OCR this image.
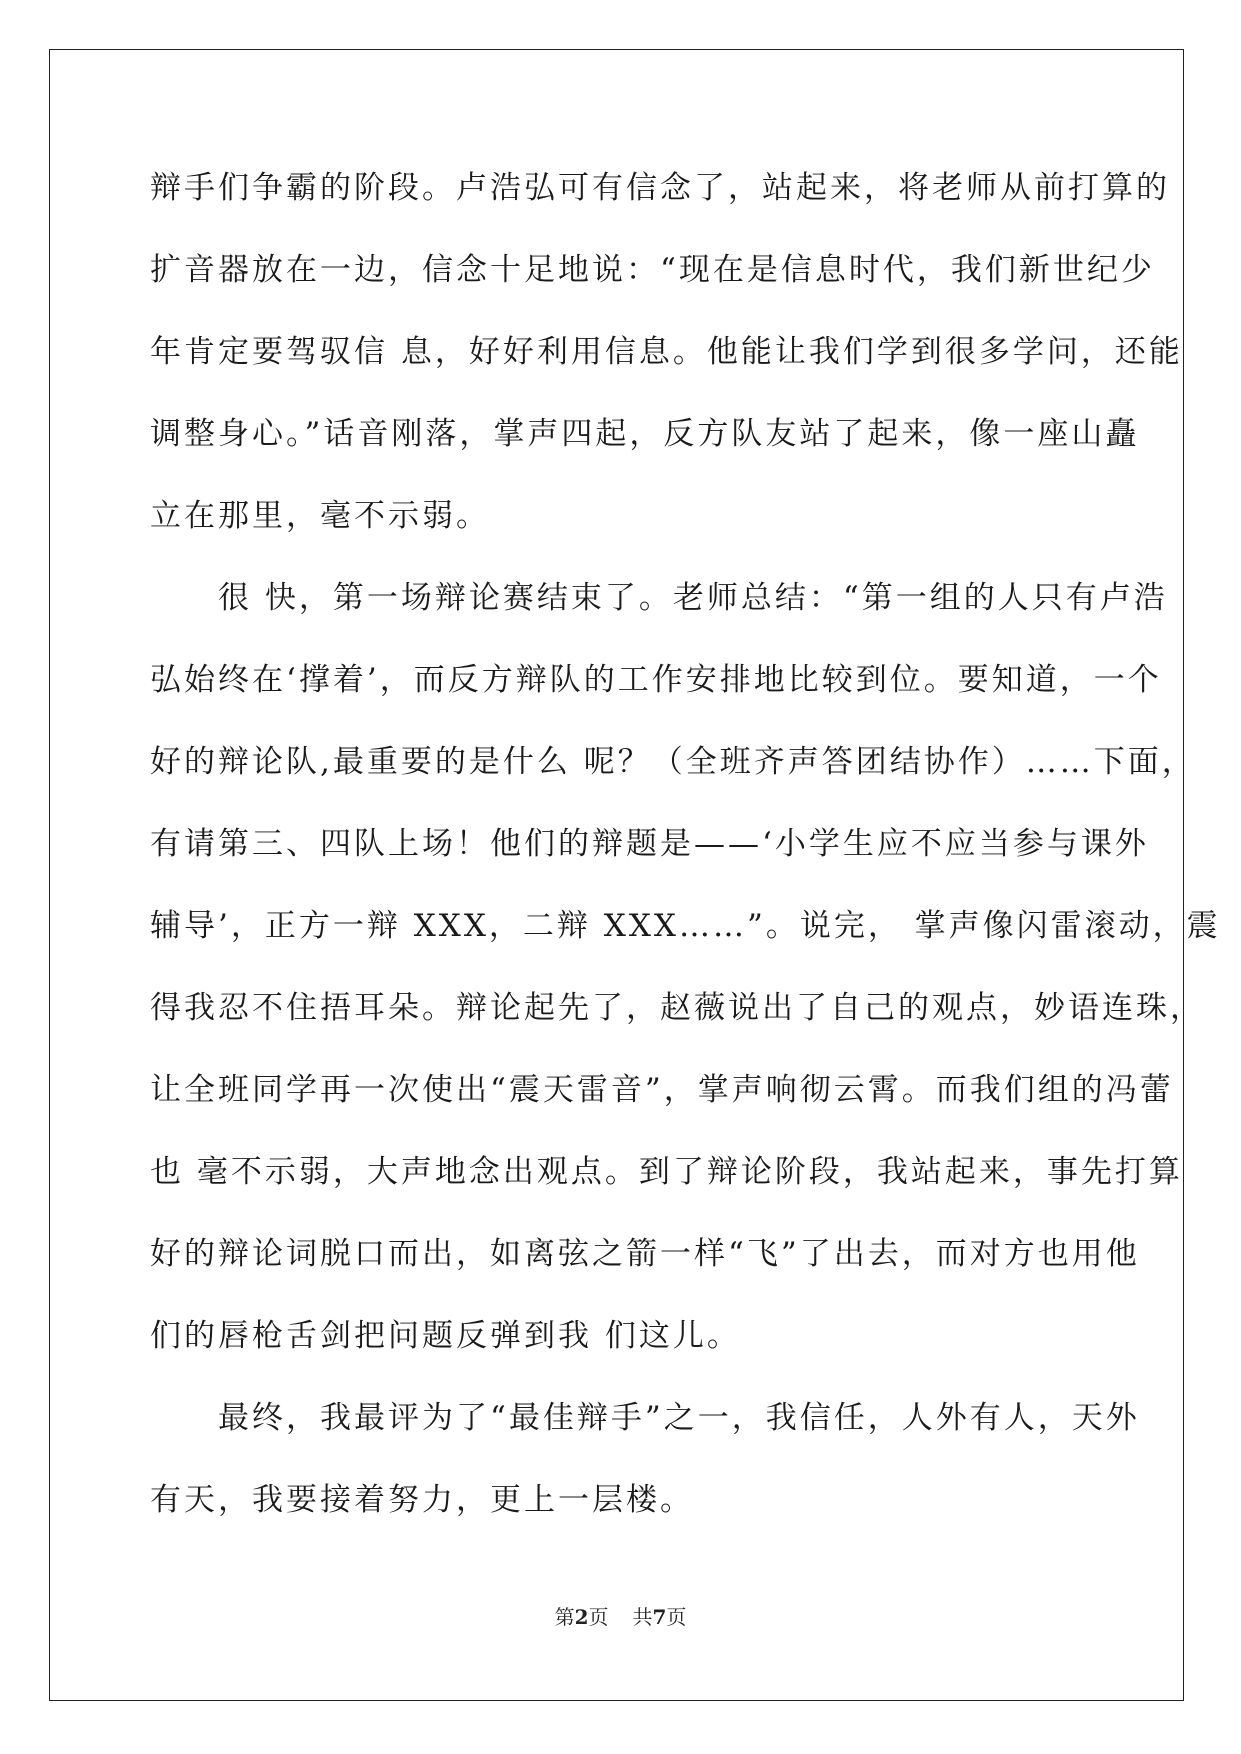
辩手们争霸的阶段。卢浩弘可有信念了，站起来，将老师从前打算的
扩音器放在一边，信念十足地说：“现在是信息时代，我们新世纪少
年肯定要驾驭信 息，好好利用信息。他能让我们学到很多学问，还能
调整身心。”话音刚落，掌声四起，反方队友站了起来，像一座山矗
立在那里，毫不示弱。
　　很 快，第一场辩论赛结束了。老师总结：“第一组的人只有卢浩
弘始终在‘撑着’，而反方辩队的工作安排地比较到位。要知道，一个
好的辩论队,最重要的是什么 呢？（全班齐声答团结协作）……下面，
有请第三、四队上场！他们的辩题是——‘小学生应不应当参与课外
辅导’，正方一辩 XXX，二辩 XXX……”。说完， 掌声像闪雷滚动，震
得我忍不住捂耳朵。辩论起先了，赵薇说出了自己的观点，妙语连珠，
让全班同学再一次使出“震天雷音”，掌声响彻云霄。而我们组的冯蕾
也 毫不示弱，大声地念出观点。到了辩论阶段，我站起来，事先打算
好的辩论词脱口而出，如离弦之箭一样“飞”了出去，而对方也用他
们的唇枪舌剑把问题反弹到我 们这儿。
　　最终，我最评为了“最佳辩手”之一，我信任，人外有人，天外
有天，我要接着努力，更上一层楼。
第2页 共7页
